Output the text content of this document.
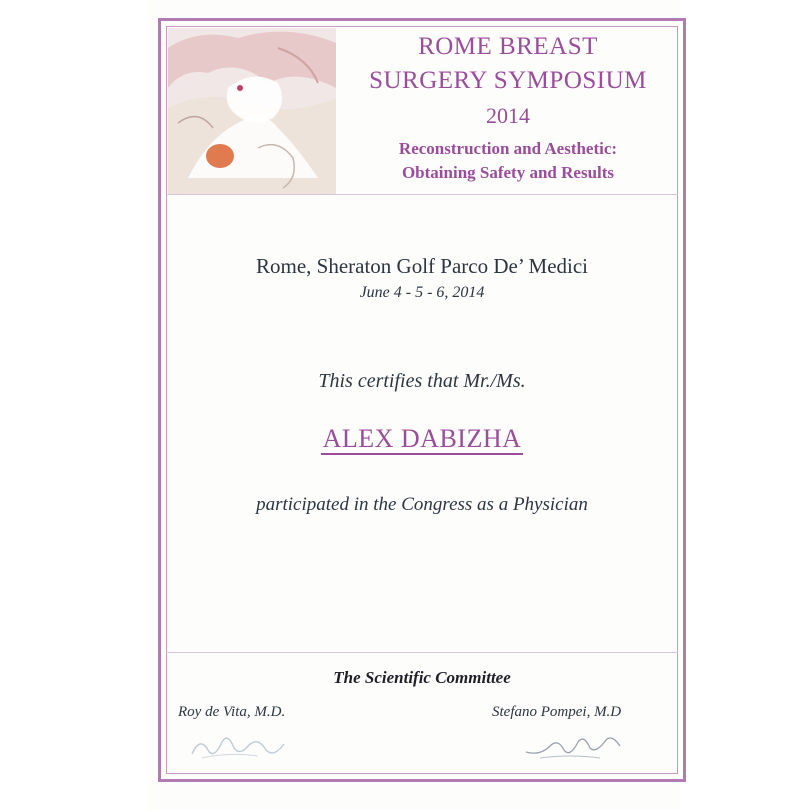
ROME BREAST
SURGERY SYMPOSIUM
2014
Reconstruction and Aesthetic:
Obtaining Safety and Results
Rome, Sheraton Golf Parco De’ Medici
June 4 - 5 - 6, 2014
This certifies that Mr./Ms.
ALEX DABIZHA
participated in the Congress as a Physician
The Scientific Committee
Roy de Vita, M.D.	Stefano Pompei, M.D
